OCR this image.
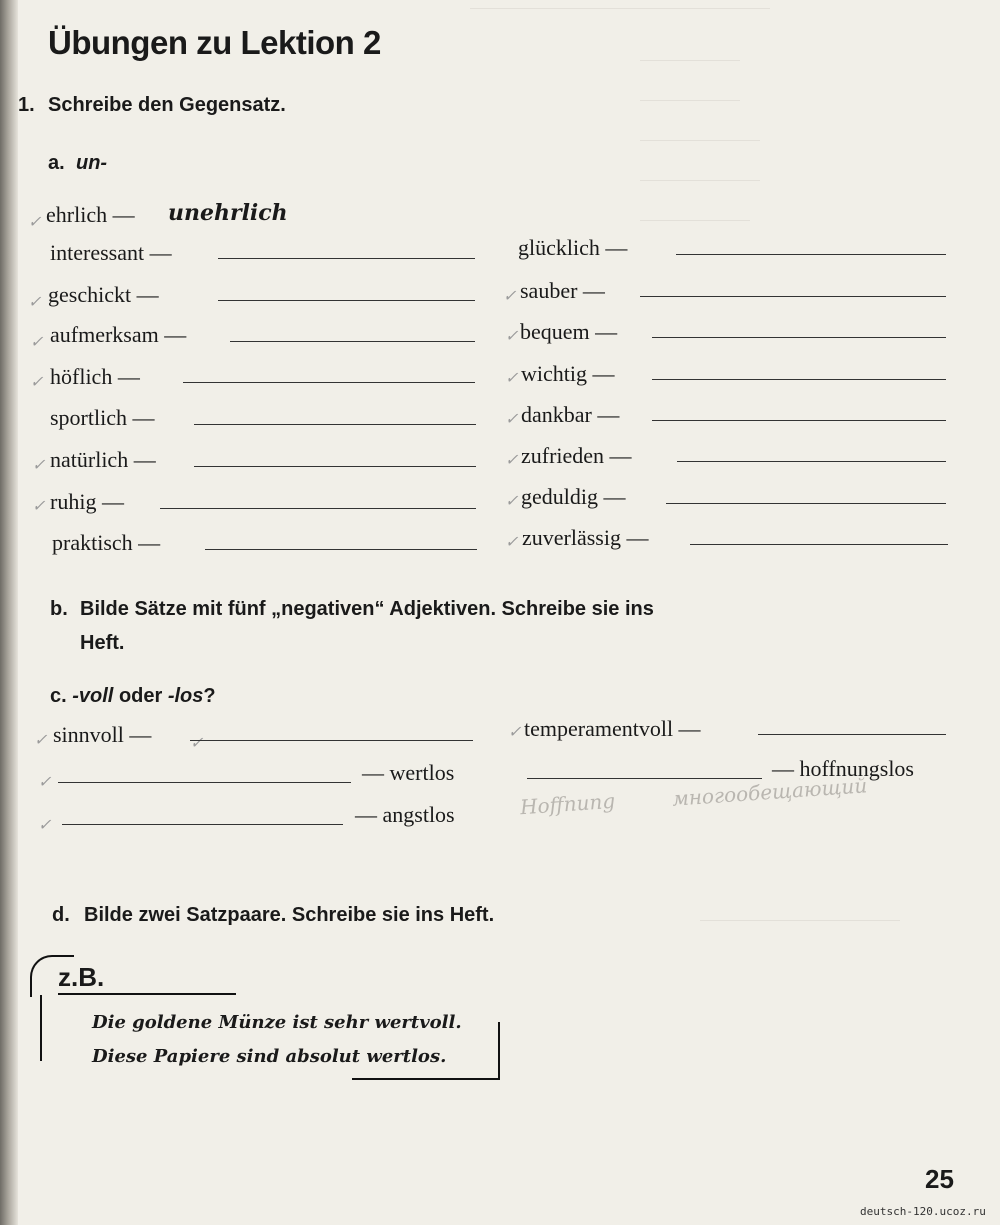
Übungen zu Lektion 2
1. Schreibe den Gegensatz.
a. un-
✓ ehrlich — unehrlich
interessant —
✓ geschickt —
✓ aufmerksam —
✓ höflich —
sportlich —
✓ natürlich —
✓ ruhig —
praktisch —
glücklich —
✓ sauber —
✓ bequem —
✓ wichtig —
✓ dankbar —
✓ zufrieden —
✓ geduldig —
✓ zuverlässig —
b. Bilde Sätze mit fünf „negativen“ Adjektiven. Schreibe sie ins
Heft.
c. -voll oder -los?
✓ sinnvoll — ✓
✓	— wertlos
✓	— angstlos
✓ temperamentvoll —
— hoffnungslos
Hoffnung	многообещающий
d. Bilde zwei Satzpaare. Schreibe sie ins Heft.
z.B.
Die goldene Münze ist sehr wertvoll.
Diese Papiere sind absolut wertlos.
25
deutsch-120.ucoz.ru
